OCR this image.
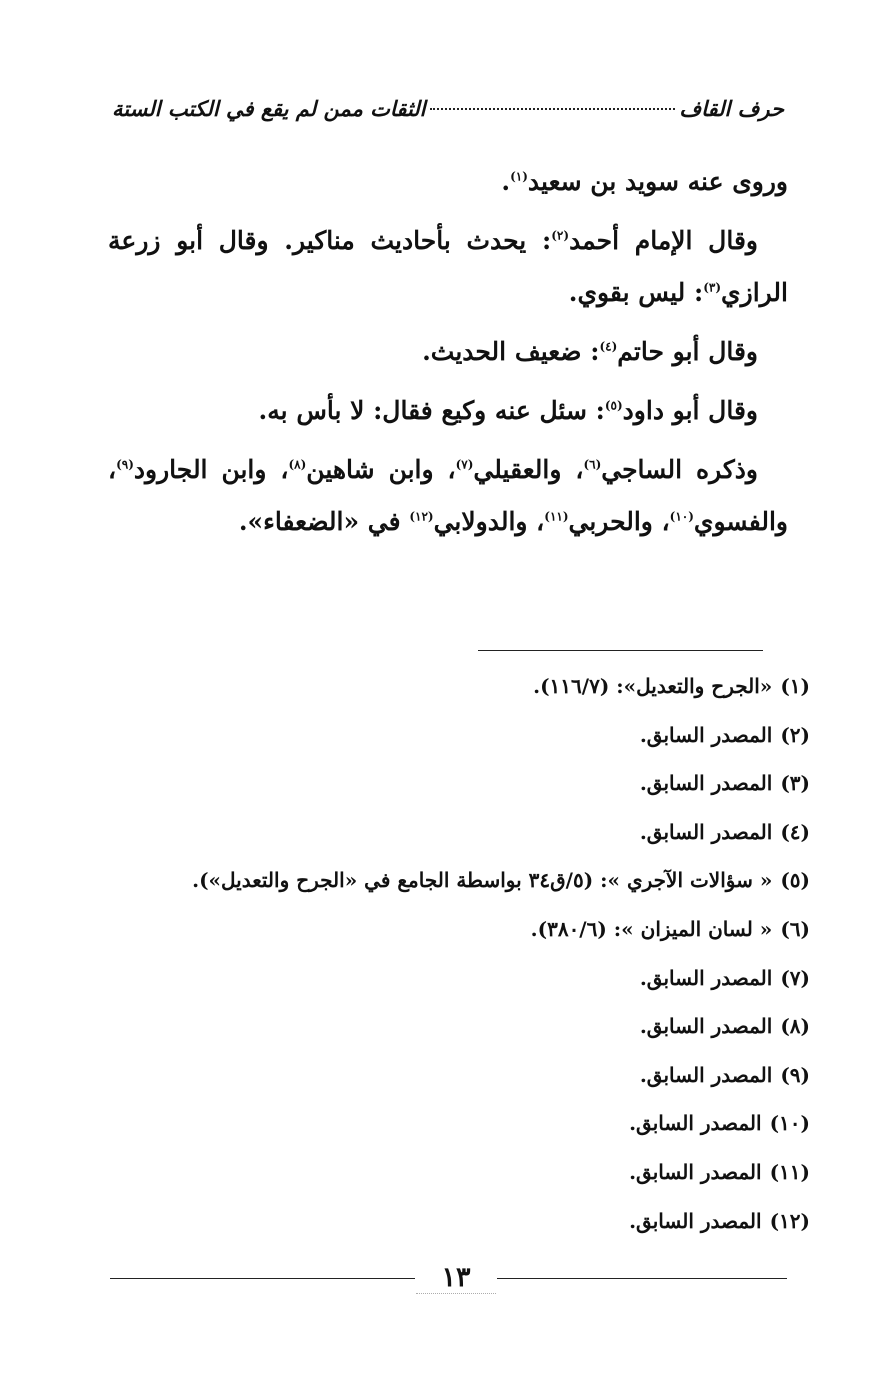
حرف القاف
الثقات ممن لم يقع في الكتب الستة

وروى عنه سويد بن سعيد$^{(١)}$.

وقال الإمام أحمد$^{(٢)}$: يحدث بأحاديث مناكير. وقال أبو زرعة الرازي$^{(٣)}$: ليس بقوي.

وقال أبو حاتم$^{(٤)}$: ضعيف الحديث.

وقال أبو داود$^{(٥)}$: سئل عنه وكيع فقال: لا بأس به.

وذكره الساجي$^{(٦)}$، والعقيلي$^{(٧)}$، وابن شاهين$^{(٨)}$، وابن الجارود$^{(٩)}$، والفسوي$^{(١٠)}$، والحربي$^{(١١)}$، والدولابي$^{(١٢)}$ في «الضعفاء».

(١)«الجرح والتعديل»: (١١٦/٧).
(٢)المصدر السابق.
(٣)المصدر السابق.
(٤)المصدر السابق.
(٥)« سؤالات الآجري »: (٥/ق٣٤ بواسطة الجامع في «الجرح والتعديل»).
(٦)« لسان الميزان »: (٣٨٠/٦).
(٧)المصدر السابق.
(٨)المصدر السابق.
(٩)المصدر السابق.
(١٠)المصدر السابق.
(١١)المصدر السابق.
(١٢)المصدر السابق.
١٣
